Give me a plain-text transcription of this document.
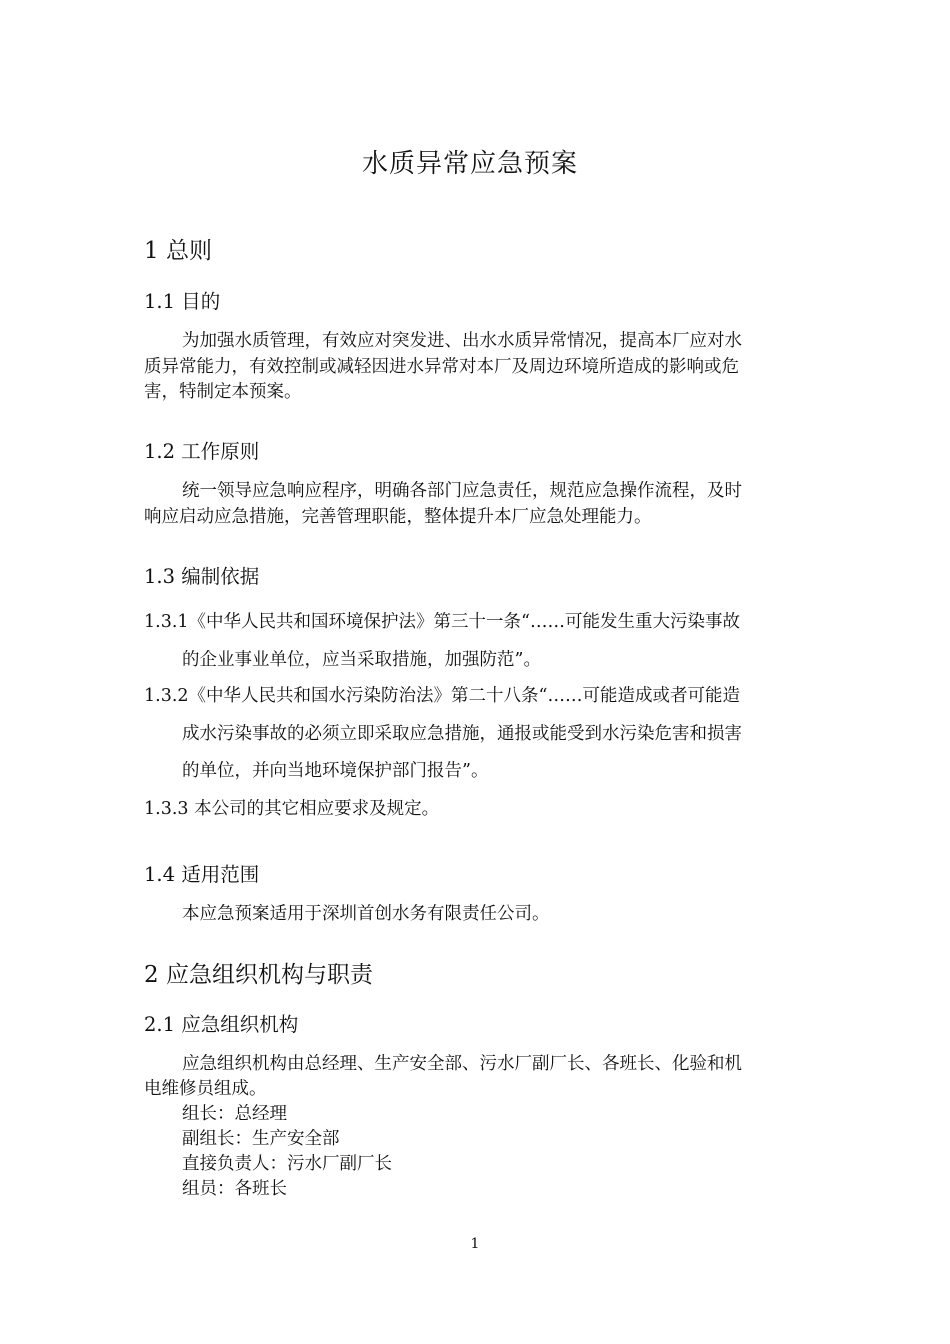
水质异常应急预案
1 总则
1.1 目的
为加强水质管理，有效应对突发进、出水水质异常情况，提高本厂应对水
质异常能力，有效控制或减轻因进水异常对本厂及周边环境所造成的影响或危
害，特制定本预案。
1.2 工作原则
统一领导应急响应程序，明确各部门应急责任，规范应急操作流程，及时
响应启动应急措施，完善管理职能，整体提升本厂应急处理能力。
1.3 编制依据
1.3.1《中华人民共和国环境保护法》第三十一条“……可能发生重大污染事故
的企业事业单位，应当采取措施，加强防范”。
1.3.2《中华人民共和国水污染防治法》第二十八条“……可能造成或者可能造
成水污染事故的必须立即采取应急措施，通报或能受到水污染危害和损害
的单位，并向当地环境保护部门报告”。
1.3.3 本公司的其它相应要求及规定。
1.4 适用范围
本应急预案适用于深圳首创水务有限责任公司。
2 应急组织机构与职责
2.1 应急组织机构
应急组织机构由总经理、生产安全部、污水厂副厂长、各班长、化验和机
电维修员组成。
组长：总经理
副组长：生产安全部
直接负责人：污水厂副厂长
组员：各班长
1
